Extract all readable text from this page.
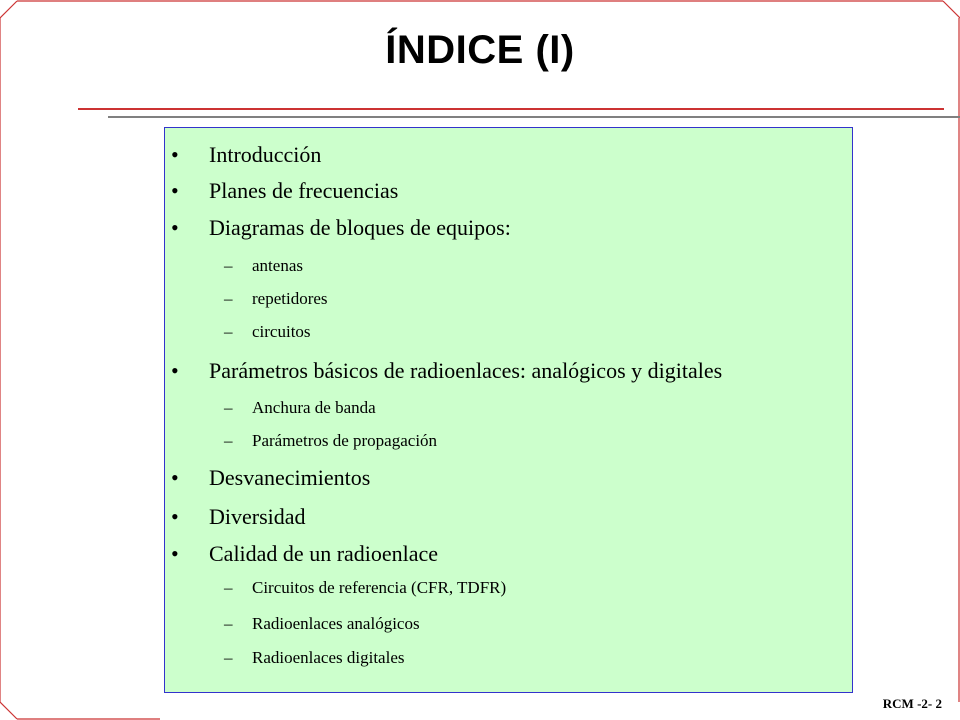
ÍNDICE (I)
• Introducción
• Planes de frecuencias
• Diagramas de bloques de equipos:
– antenas
– repetidores
– circuitos
• Parámetros básicos de radioenlaces: analógicos y digitales
– Anchura de banda
– Parámetros de propagación
• Desvanecimientos
• Diversidad
• Calidad de un radioenlace
– Circuitos de referencia (CFR, TDFR)
– Radioenlaces analógicos
– Radioenlaces digitales
RCM -2- 2
